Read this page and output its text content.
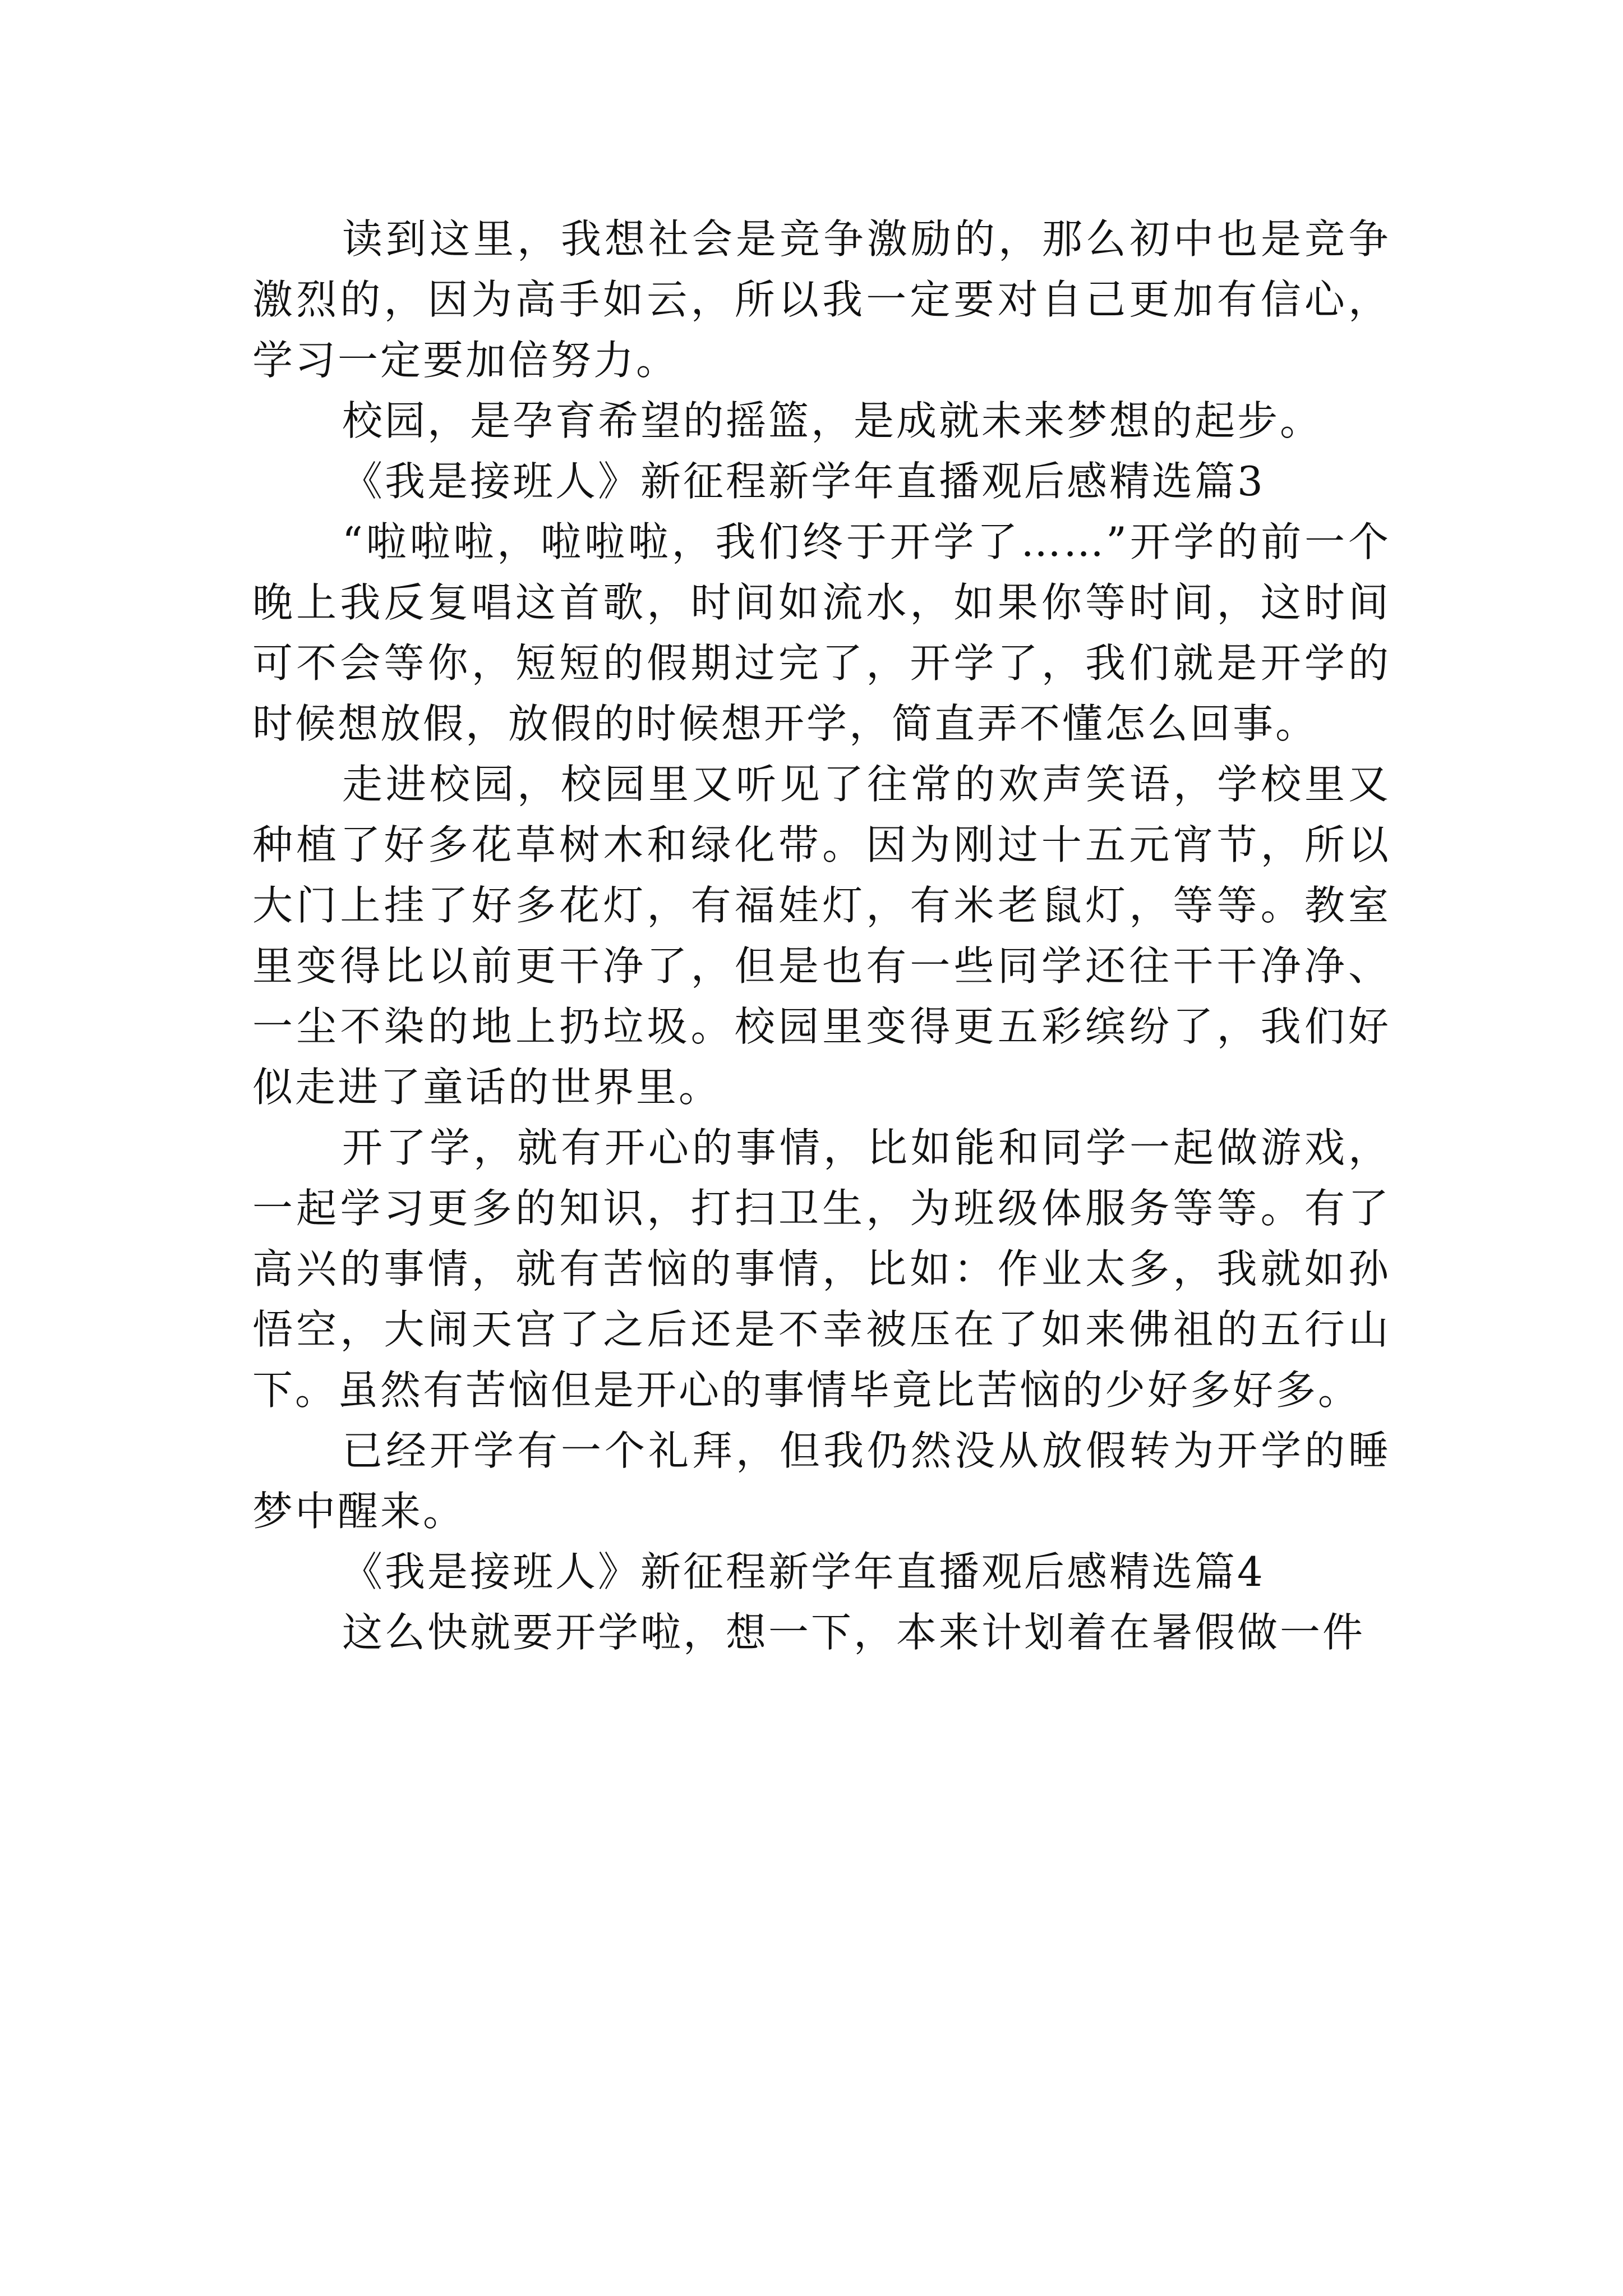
读到这里，我想社会是竞争激励的，那么初中也是竞争激烈的，因为高手如云，所以我一定要对自己更加有信心，学习一定要加倍努力。

校园，是孕育希望的摇篮，是成就未来梦想的起步。

《我是接班人》新征程新学年直播观后感精选篇3

“啦啦啦，啦啦啦，我们终于开学了……”开学的前一个晚上我反复唱这首歌，时间如流水，如果你等时间，这时间可不会等你，短短的假期过完了，开学了，我们就是开学的时候想放假，放假的时候想开学，简直弄不懂怎么回事。

走进校园，校园里又听见了往常的欢声笑语，学校里又种植了好多花草树木和绿化带。因为刚过十五元宵节，所以大门上挂了好多花灯，有福娃灯，有米老鼠灯，等等。教室里变得比以前更干净了，但是也有一些同学还往干干净净、一尘不染的地上扔垃圾。校园里变得更五彩缤纷了，我们好似走进了童话的世界里。

开了学，就有开心的事情，比如能和同学一起做游戏，一起学习更多的知识，打扫卫生，为班级体服务等等。有了高兴的事情，就有苦恼的事情，比如：作业太多，我就如孙悟空，大闹天宫了之后还是不幸被压在了如来佛祖的五行山下。虽然有苦恼但是开心的事情毕竟比苦恼的少好多好多。

已经开学有一个礼拜，但我仍然没从放假转为开学的睡梦中醒来。

《我是接班人》新征程新学年直播观后感精选篇4

这么快就要开学啦，想一下，本来计划着在暑假做一件
